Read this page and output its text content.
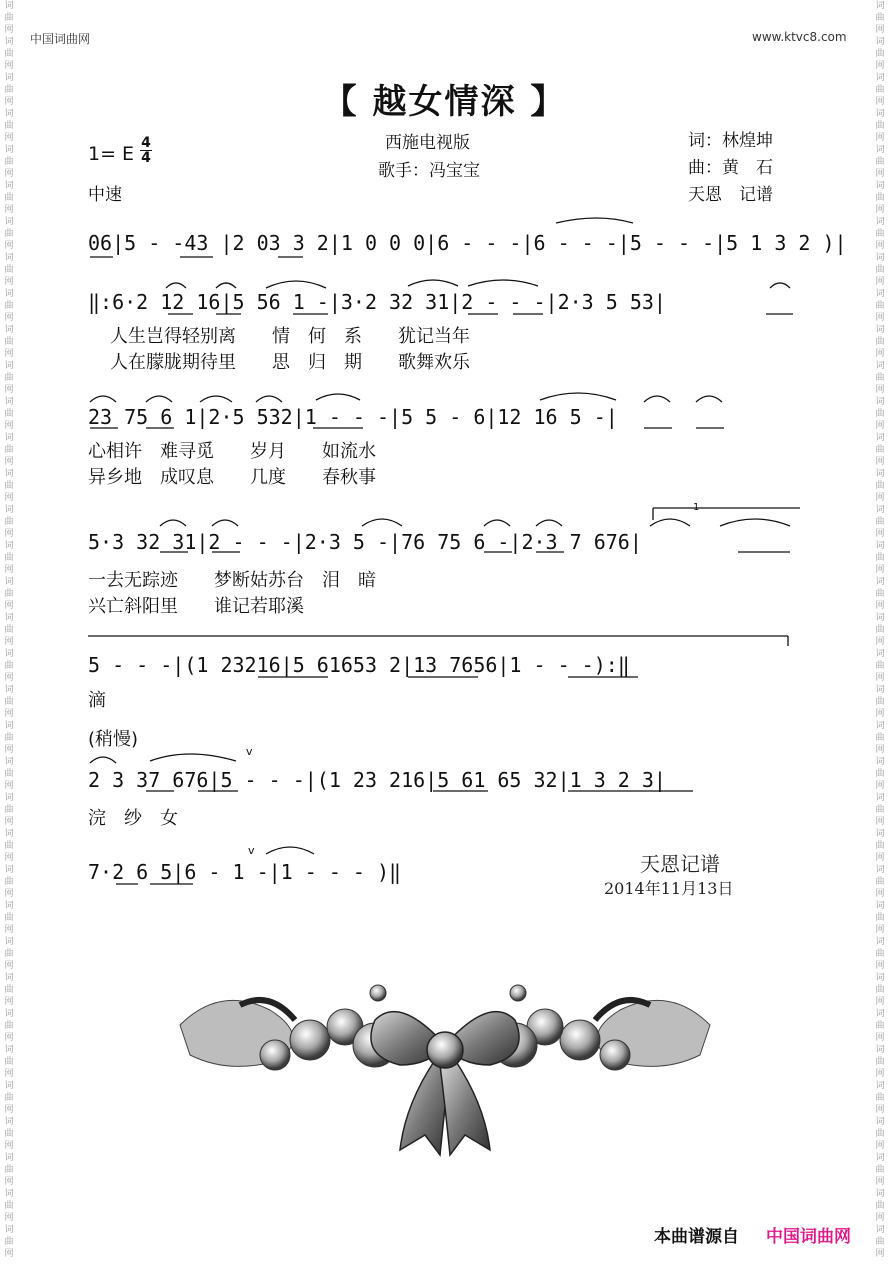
词
曲
网
词
曲
网
词
曲
网
词
曲
网
词
曲
网
词
曲
网
词
曲
网
词
曲
网
词
曲
网
词
曲
网
词
曲
网
词
曲
网
词
曲
网
词
曲
网
词
曲
网
词
曲
网
词
曲
网
词
曲
网
词
曲
网
词
曲
网
词
曲
网
词
曲
网
词
曲
网
词
曲
网
词
曲
网
词
曲
网
词
曲
网
词
曲
网
词
曲
网
词
曲
网
词
曲
网
词
曲
网
词
曲
网
词
曲
网
词
曲
网
词
曲
网
词
曲
网
词
曲
网
词
曲
网
词
曲
网
词
曲
网
词
曲
网
词
曲
网
词
曲
网
词
曲
网
词
曲
网
词
曲
网
词
曲
网
词
曲
网
词
曲
网
词
曲
网
词
曲
网
词
曲
网
词
曲
网
词
曲
网
词
曲
网
词
曲
网
词
曲
网
词
曲
网
词
曲
网
词
曲
网
词
曲
网
词
曲
网
词
曲
网
词
曲
网
词
曲
网
词
曲
网
词
曲
网
词
曲
网
词
曲
网
中国词曲网	www.ktvc8.com
【 越女情深 】
西施电视版
歌手：冯宝宝
词：林煌坤
曲：黄　石
天恩　记谱
1= E 4
4
中速
06|5 - -43 |2 03 3 2|1 0 0 0|6 - - -|6 - - -|5 - - -|5 1 3 2 )|
‖:6·2 12 16|5 56 1 -|3·2 32 31|2 - - -|2·3 5 53|
人生岂得轻别离　　情　何　系　　犹记当年
人在朦胧期待里　　思　归　期　　歌舞欢乐
23 75 6 1|2·5 532|1 - - -|5 5 - 6|12 16 5 -|
心相许　难寻觅　　岁月　　如流水
异乡地　成叹息　　几度　　春秋事
5·3 32 31|2 - - -|2·3 5 -|76 75 6 -|2·3 7 676|
1
一去无踪迹　　梦断姑苏台　泪　暗
兴亡斜阳里　　谁记若耶溪
5 - - -|(1 23216|5 61653 2|13 7656|1 - - -):‖
滴
(稍慢)
2 3 37 676|5 - - -|(1 23 216|5 61 65 32|1 3 2 3|
v
浣　纱　女
7·2 6 5|6 - 1 -|1 - - - )‖
v
天恩记谱
2014年11月13日
本曲谱源自 中国词曲网
